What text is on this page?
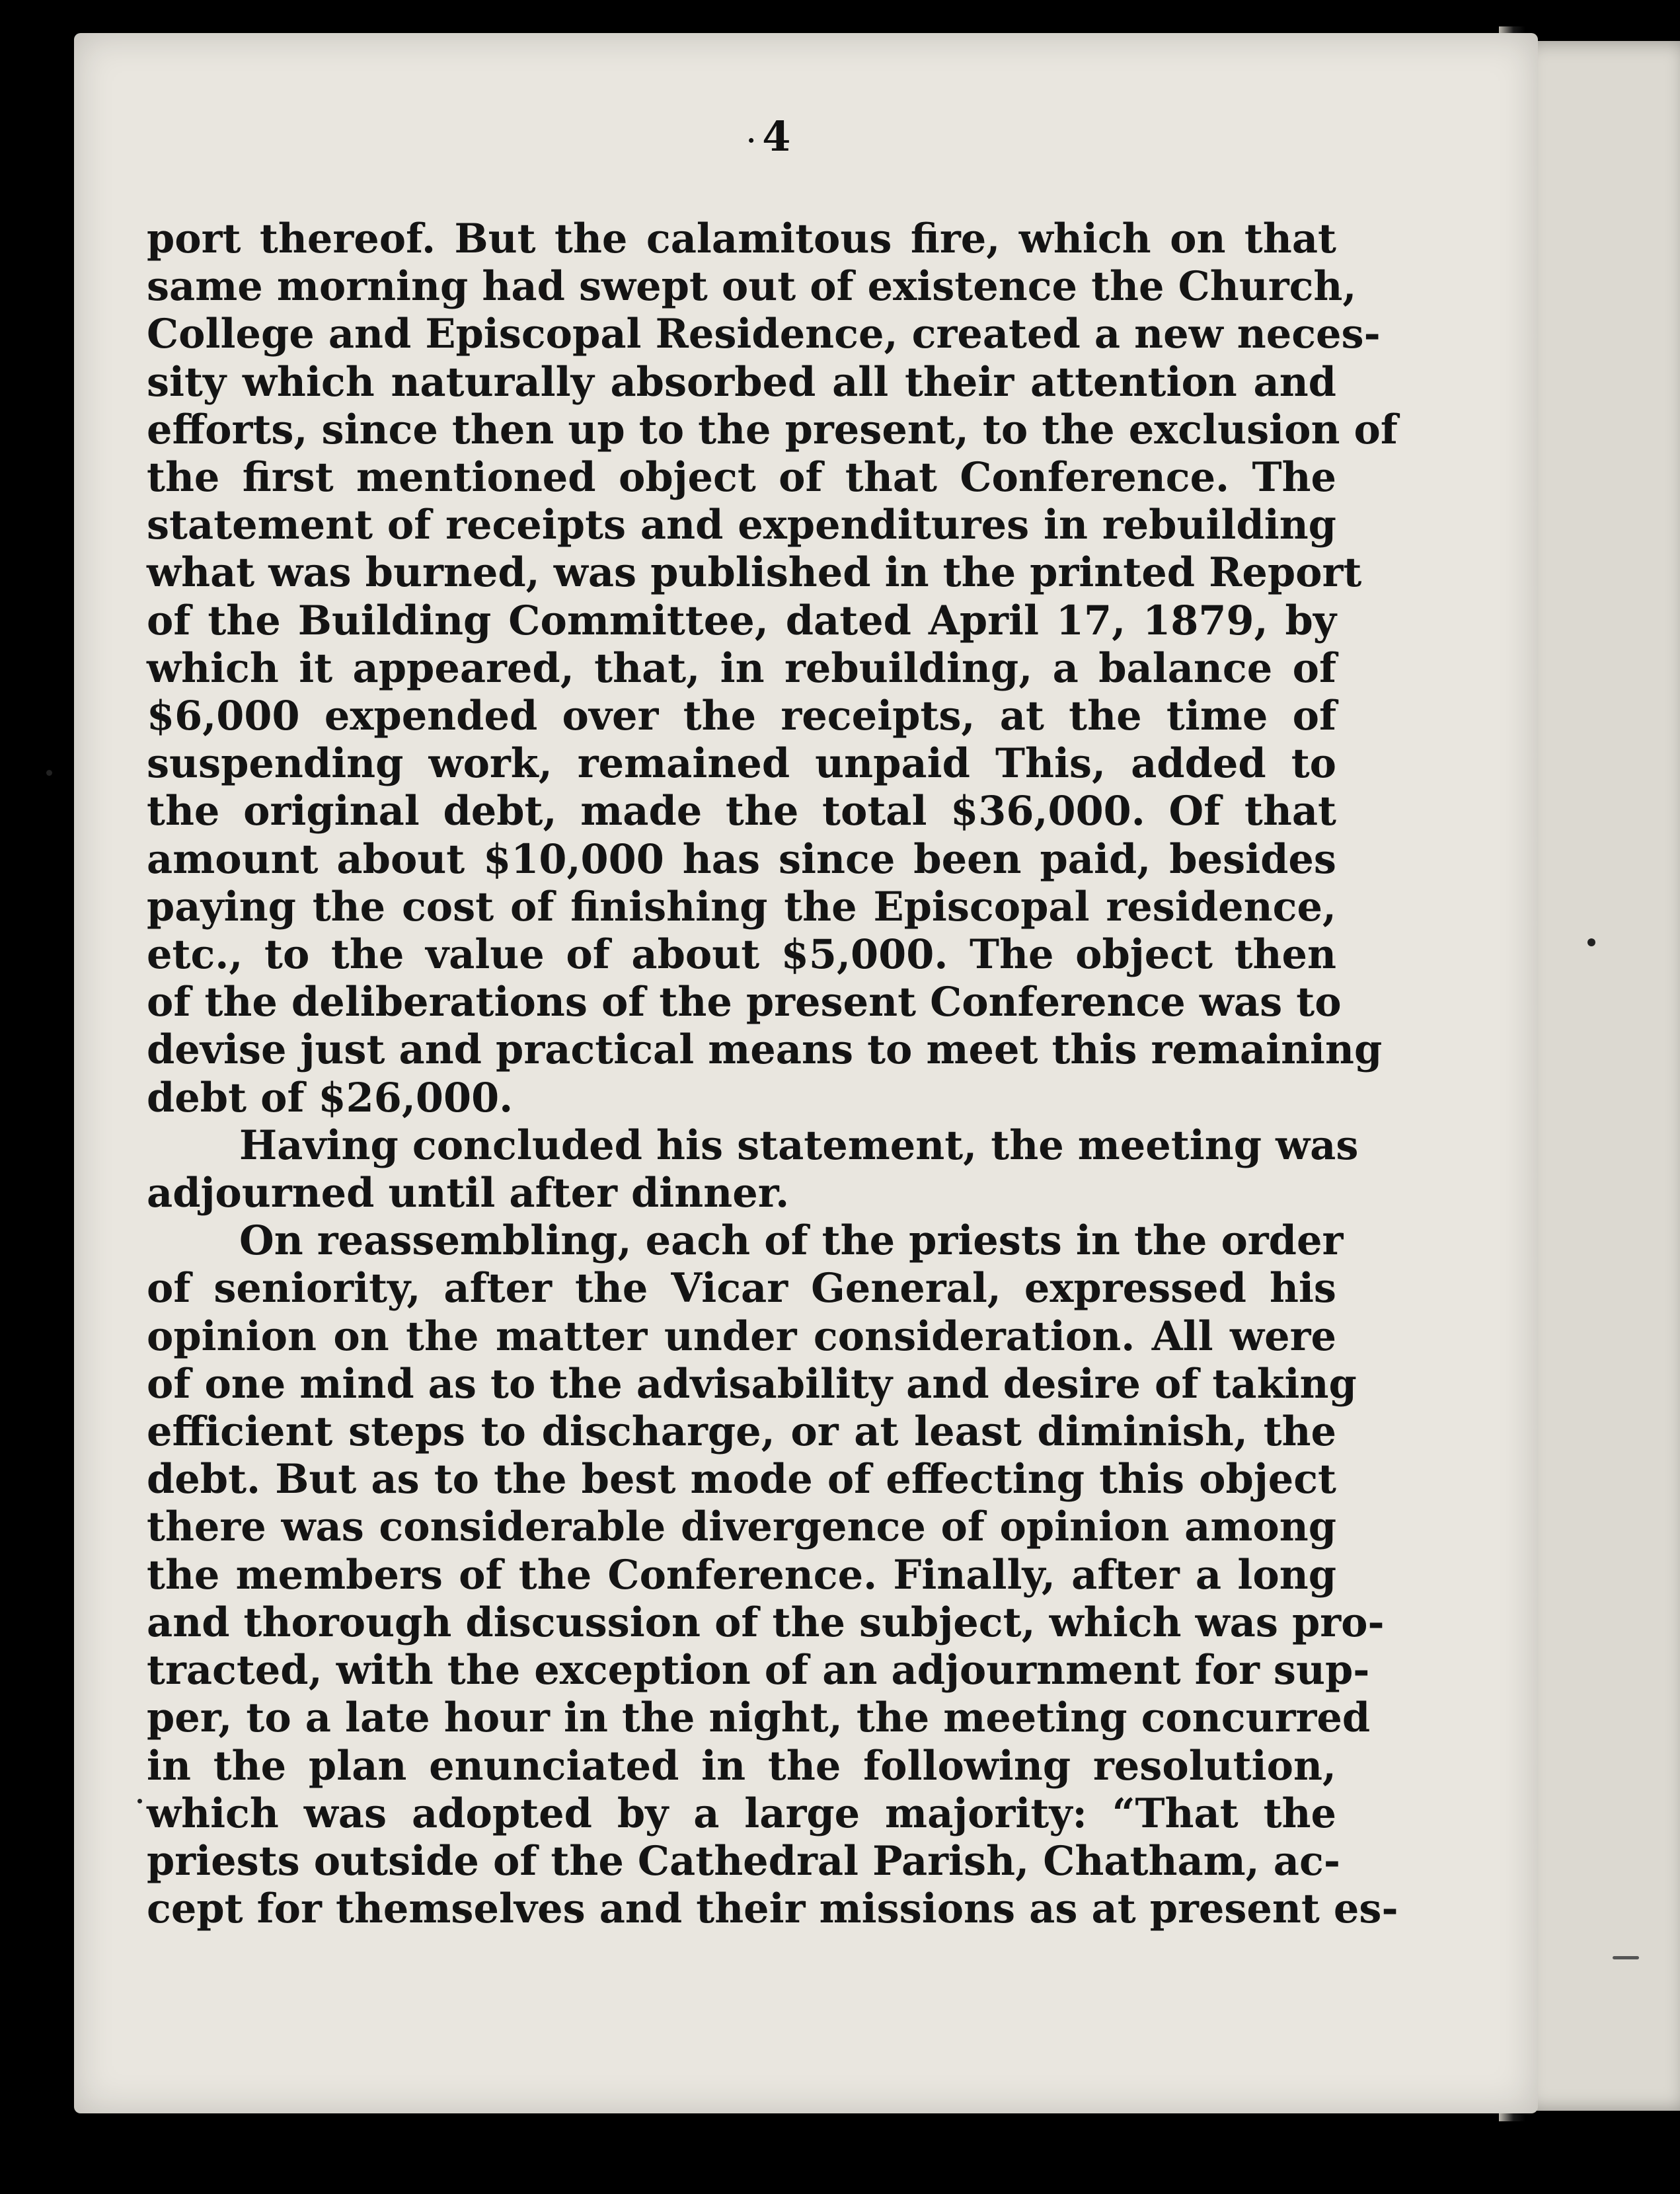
· 4
port thereof. But the calamitous fire, which on that
same morning had swept out of existence the Church,
College and Episcopal Residence, created a new neces-
sity which naturally absorbed all their attention and
efforts, since then up to the present, to the exclusion of
the first mentioned object of that Conference. The
statement of receipts and expenditures in rebuilding
what was burned, was published in the printed Report
of the Building Committee, dated April 17, 1879, by
which it appeared, that, in rebuilding, a balance of
$6,000 expended over the receipts, at the time of
suspending work, remained unpaid This, added to
the original debt, made the total $36,000. Of that
amount about $10,000 has since been paid, besides
paying the cost of finishing the Episcopal residence,
etc., to the value of about $5,000. The object then
of the deliberations of the present Conference was to
devise just and practical means to meet this remaining
debt of $26,000.
Having concluded his statement, the meeting was
adjourned until after dinner.
On reassembling, each of the priests in the order
of seniority, after the Vicar General, expressed his
opinion on the matter under consideration. All were
of one mind as to the advisability and desire of taking
efficient steps to discharge, or at least diminish, the
debt. But as to the best mode of effecting this object
there was considerable divergence of opinion among
the members of the Conference. Finally, after a long
and thorough discussion of the subject, which was pro-
tracted, with the exception of an adjournment for sup-
per, to a late hour in the night, the meeting concurred
in the plan enunciated in the following resolution,
which was adopted by a large majority: “That the
priests outside of the Cathedral Parish, Chatham, ac-
cept for themselves and their missions as at present es-
